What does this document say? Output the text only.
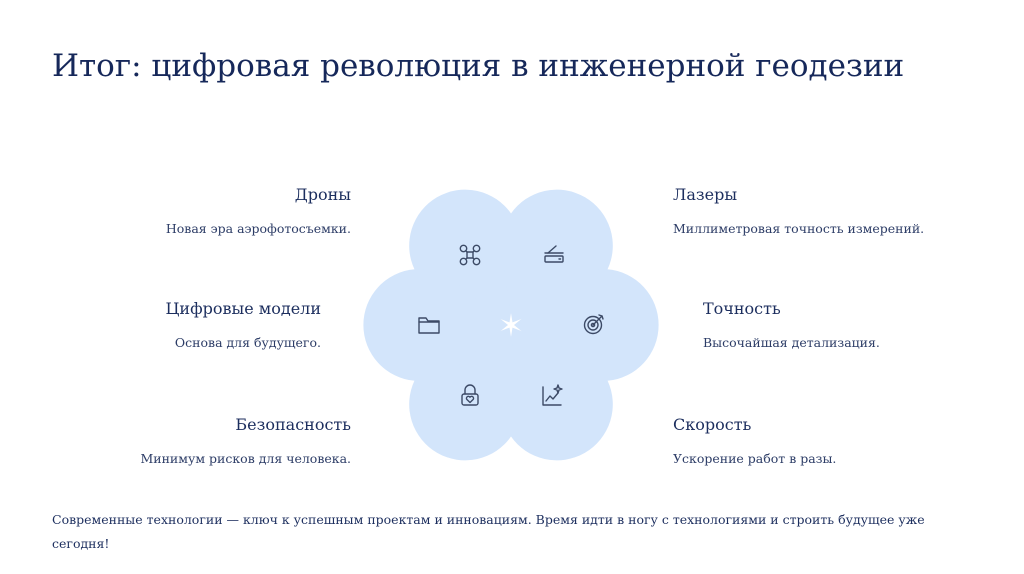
Итог: цифровая революция в инженерной геодезии
Дроны
Новая эра аэрофотосъемки.
Цифровые модели
Основа для будущего.
Безопасность
Минимум рисков для человека.
Лазеры
Миллиметровая точность измерений.
Точность
Высочайшая детализация.
Скорость
Ускорение работ в разы.
Современные технологии — ключ к успешным проектам и инновациям. Время идти в ногу с технологиями и строить будущее уже сегодня!
